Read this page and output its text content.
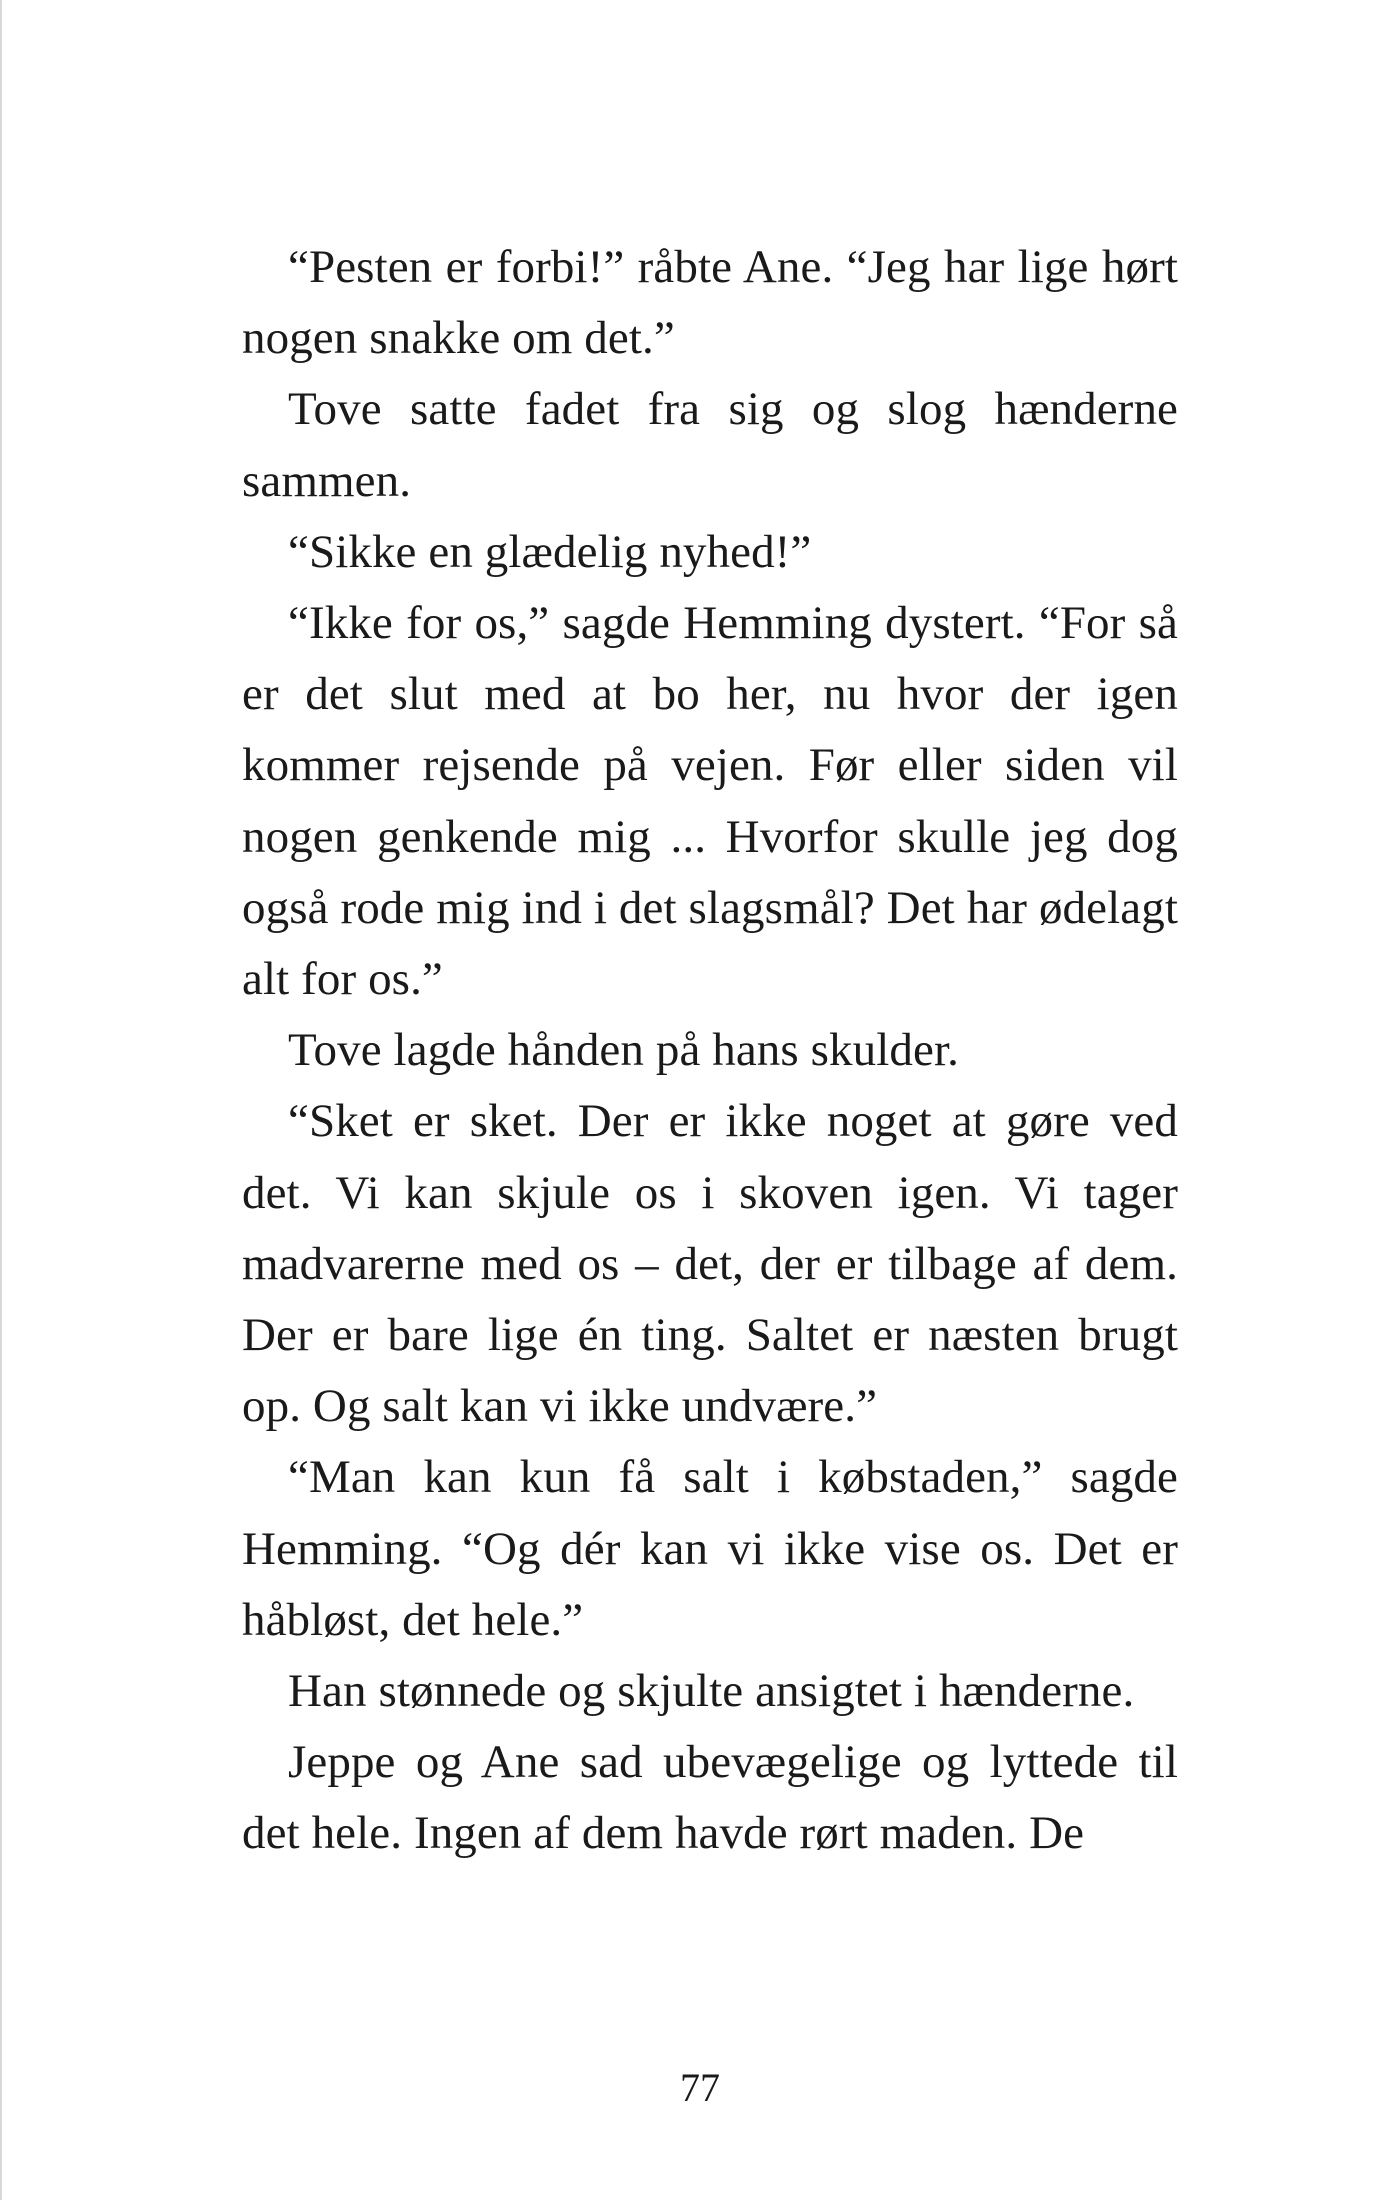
“Pesten er forbi!” råbte Ane. “Jeg har lige hørt nogen snakke om det.”

Tove satte fadet fra sig og slog hænderne sammen.

“Sikke en glædelig nyhed!”

“Ikke for os,” sagde Hemming dystert. “For så er det slut med at bo her, nu hvor der igen kommer rejsende på vejen. Før eller siden vil nogen genkende mig ... Hvorfor skulle jeg dog også rode mig ind i det slagsmål? Det har ødelagt alt for os.”

Tove lagde hånden på hans skulder.

“Sket er sket. Der er ikke noget at gøre ved det. Vi kan skjule os i skoven igen. Vi tager madvarerne med os – det, der er tilbage af dem. Der er bare lige én ting. Saltet er næsten brugt op. Og salt kan vi ikke undvære.”

“Man kan kun få salt i købstaden,” sagde Hemming. “Og dér kan vi ikke vise os. Det er håbløst, det hele.”

Han stønnede og skjulte ansigtet i hænderne.

Jeppe og Ane sad ubevægelige og lyttede til det hele. Ingen af dem havde rørt maden. De

77
